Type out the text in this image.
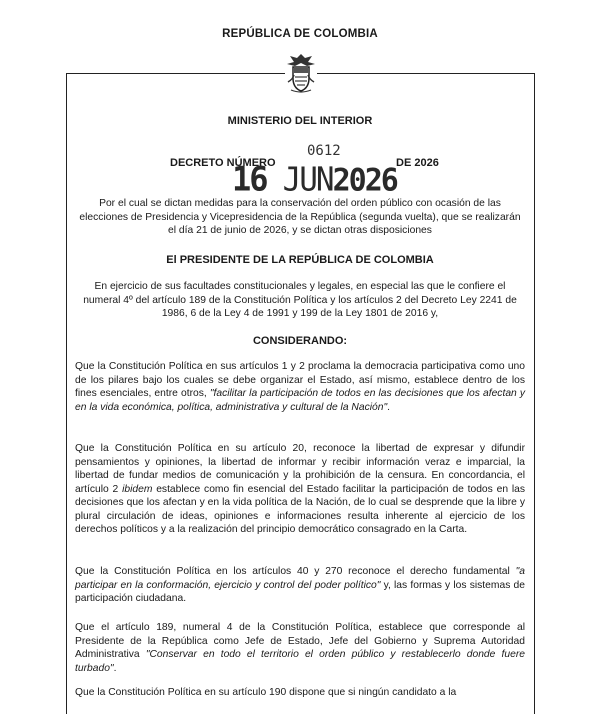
REPÚBLICA DE COLOMBIA
MINISTERIO DEL INTERIOR
DECRETO NÚMERO
0612
DE 2026
16 JUN2026
Por el cual se dictan medidas para la conservación del orden público con ocasión de las elecciones de Presidencia y Vicepresidencia de la República (segunda vuelta), que se realizarán el día 21 de junio de 2026, y se dictan otras disposiciones
El PRESIDENTE DE LA REPÚBLICA DE COLOMBIA
En ejercicio de sus facultades constitucionales y legales, en especial las que le confiere el numeral 4º del artículo 189 de la Constitución Política y los artículos 2 del Decreto Ley 2241 de 1986, 6 de la Ley 4 de 1991 y 199 de la Ley 1801 de 2016 y,
CONSIDERANDO:

Que la Constitución Política en sus artículos 1 y 2 proclama la democracia participativa como uno de los pilares bajo los cuales se debe organizar el Estado, así mismo, establece dentro de los fines esenciales, entre otros, "facilitar la participación de todos en las decisiones que los afectan y en la vida económica, política, administrativa y cultural de la Nación".

Que la Constitución Política en su artículo 20, reconoce la libertad de expresar y difundir pensamientos y opiniones, la libertad de informar y recibir información veraz e imparcial, la libertad de fundar medios de comunicación y la prohibición de la censura. En concordancia, el artículo 2 ibidem establece como fin esencial del Estado facilitar la participación de todos en las decisiones que los afectan y en la vida política de la Nación, de lo cual se desprende que la libre y plural circulación de ideas, opiniones e informaciones resulta inherente al ejercicio de los derechos políticos y a la realización del principio democrático consagrado en la Carta.

Que la Constitución Política en los artículos 40 y 270 reconoce el derecho fundamental "a participar en la conformación, ejercicio y control del poder político" y, las formas y los sistemas de participación ciudadana.

Que el artículo 189, numeral 4 de la Constitución Política, establece que corresponde al Presidente de la República como Jefe de Estado, Jefe del Gobierno y Suprema Autoridad Administrativa "Conservar en todo el territorio el orden público y restablecerlo donde fuere turbado".

Que la Constitución Política en su artículo 190 dispone que si ningún candidato a la
